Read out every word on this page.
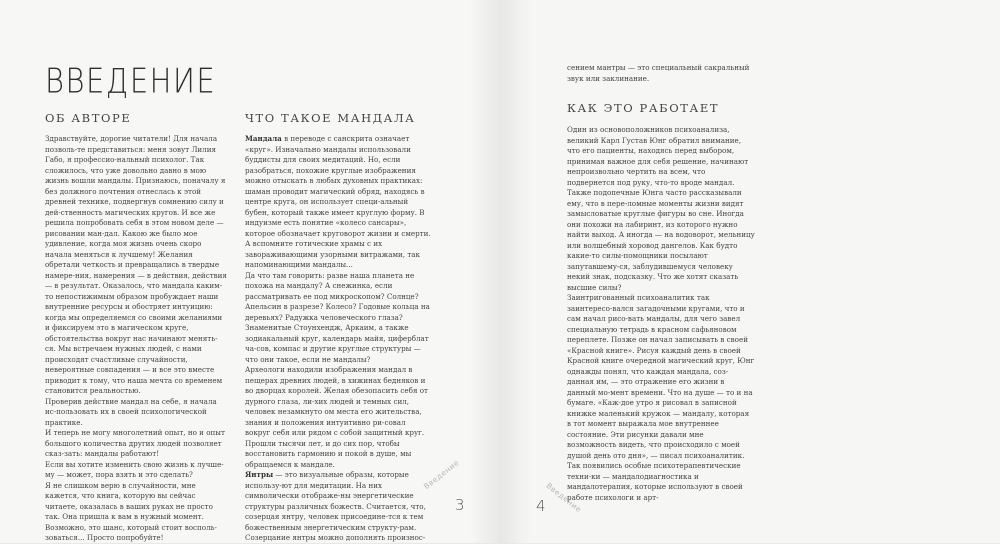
ВВЕДЕНИЕ
ОБ АВТОРЕ

Здравствуйте, дорогие читатели! Для начала позволь-те представиться: меня зовут Лилия Габо, я профессио-нальный психолог. Так сложилось, что уже довольно давно в мою жизнь вошли мандалы. Признаюсь, поначалу я без должного почтения отнеслась к этой древней технике, подвергнув сомнению силу и дей-ственность магических кругов. И все же решила попробовать себя в этом новом деле — рисовании ман-дал. Какою же было мое удивление, когда моя жизнь очень скоро начала меняться к лучшему! Желания обретали четкость и превращались в твердые намере-ния, намерения — в действия, действия — в результат. Оказалось, что мандала каким-то непостижимым образом пробуждает наши внутренние ресурсы и обостряет интуицию: когда мы определяемся со своими желаниями и фиксируем это в магическом круге, обстоятельства вокруг нас начинают менять-ся. Мы встречаем нужных людей, с нами происходят счастливые случайности, невероятные совпадения — и все это вместе приводит к тому, что наша мечта со временем становится реальностью.

Проверив действие мандал на себе, я начала ис-пользовать их в своей психологической практике.

И теперь не могу многолетний опыт, но и опыт большого количества других людей позволяет сказ-зать: мандалы работают!

Если вы хотите изменить свою жизнь к лучше-му — может, пора взять и это сделать?

Я не слишком верю в случайности, мне кажется, что книга, которую вы сейчас читаете, оказалась в ваших руках не просто так. Она пришла к вам в нужный момент. Возможно, это шанс, который стоит восполь-зоваться... Просто попробуйте!

ЧТО ТАКОЕ МАНДАЛА

Мандала в переводе с санскрита означает «круг». Изначально мандалы использовали буддисты для своих медитаций. Но, если разобраться, похожие круглые изображения можно отыскать в любых духовных практиках: шаман проводит магический обряд, находясь в центре круга, он использует специ-альный бубен, который также имеет круглую форму. В индуизме есть понятие «колесо сансары», которое обозначает круговорот жизни и смерти. А вспомните готические храмы с их завораживающими узорными витражами, так напоминающими мандалы...

Да что там говорить: разве наша планета не похожа на мандалу? А снежинка, если рассматривать ее под микроскопом? Солнце? Апельсин в разрезе? Колесо? Годовые кольца на деревьях? Радужка человеческого глаза? Знаменитые Стоунхендж, Аркаим, а также зодиакальный круг, календарь майя, циферблат ча-сов, компас и другие круглые структуры — что они такое, если не мандалы?

Археологи находили изображения мандал в пещерах древних людей, в хижинах бедняков и во дворцах королей. Желая обезопасить себя от дурного глаза, ли-хих людей и темных сил, человек незамкнуто ом места его жительства, знания и положения интуитивно ри-совал вокруг себя или рядом с собой защитный круг. Прошли тысячи лет, и до сих пор, чтобы восстановить гармонию и покой в душе, мы обращаемся к мандале.

Янтры — это визуальные образы, которые использу-ют для медитации. На них символически отображе-ны энергетические структуры различных божеств. Считается, что, созерцая янтру, человек присоедине-тся к тем божественным энергетическим структу-рам. Созерцание янтры можно дополнять произнос-

Введение
3
сением мантры — это специальный сакральный звук или заклинание.
КАК ЭТО РАБОТАЕТ

Один из основоположников психоанализа, великий Карл Густав Юнг обратил внимание, что его пациенты, находясь перед выбором, принимая важное для себя решение, начинают непроизвольно чертить на всем, что подвернется под руку, что-то вроде мандал. Также подопечные Юнга часто рассказывали ему, что в пере-ломные моменты жизни видят замысловатые круглые фигуры во сне. Иногда они похожи на лабиринт, из которого нужно найти выход. А иногда — на водоворот, мельницу или волшебный хоровод дангелов. Как будто какие-то силы-помощники посылают запутавшему-ся, заблудившемуся человеку некий знак, подсказку. Что же хотят сказать высшие силы?

Заинтригованный психоаналитик так заинтересо-вался загадочными кругами, что и сам начал рисо-вать мандалы, для чего завел специальную тетрадь в красном сафьяновом переплете. Позже он начал записывать в своей «Красной книге». Рисуя каждый день в своей Красной книге очередной магический круг, Юнг однажды понял, что каждая мандала, соз-данная им, — это отражение его жизни в данный мо-мент времени. Что на душе — то и на бумаге. «Каж-дое утро я рисовал в записной книжке маленький кружок — мандалу, которая в тот момент выражала мое внутреннее состояние. Эти рисунки давали мне возможность видеть, что происходило с моей душой день ото дня», — писал психоаналитик.

Так появились особые психотерапевтические техни-ки — мандалодиагностика и мандалотерапия, которые используют в своей работе психологи и арт-

4
Введение
